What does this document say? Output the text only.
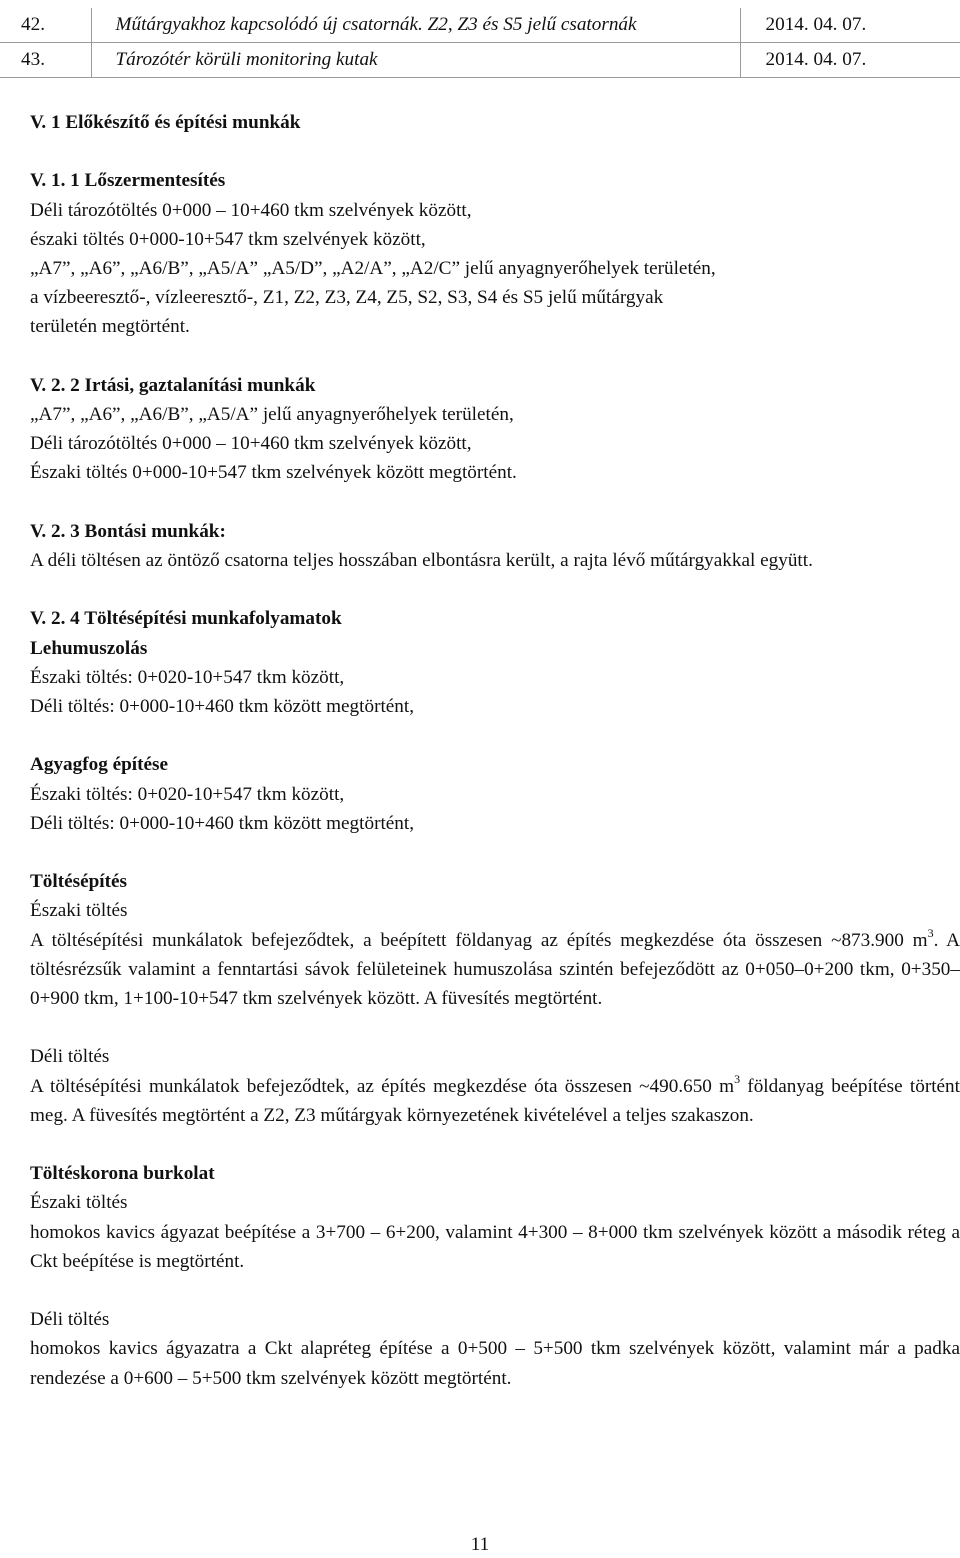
42.	Műtárgyakhoz kapcsolódó új csatornák. Z2, Z3 és S5 jelű csatornák	2014. 04. 07.
43.	Tározótér körüli monitoring kutak	2014. 04. 07.

V. 1 Előkészítő és építési munkák

V. 1. 1 Lőszermentesítés

Déli tározótöltés 0+000 – 10+460 tkm szelvények között,

északi töltés 0+000-10+547 tkm szelvények között,

„A7”, „A6”, „A6/B”, „A5/A” „A5/D”, „A2/A”, „A2/C” jelű anyagnyerőhelyek területén,

a vízbeeresztő-, vízleeresztő-, Z1, Z2, Z3, Z4, Z5, S2, S3, S4 és S5 jelű műtárgyak

területén megtörtént.

V. 2. 2 Irtási, gaztalanítási munkák

„A7”, „A6”, „A6/B”, „A5/A” jelű anyagnyerőhelyek területén,

Déli tározótöltés 0+000 – 10+460 tkm szelvények között,

Északi töltés 0+000-10+547 tkm szelvények között megtörtént.

V. 2. 3 Bontási munkák:

A déli töltésen az öntöző csatorna teljes hosszában elbontásra került, a rajta lévő műtárgyakkal együtt.

V. 2. 4 Töltésépítési munkafolyamatok

Lehumuszolás

Északi töltés: 0+020-10+547 tkm között,

Déli töltés: 0+000-10+460 tkm között megtörtént,

Agyagfog építése

Északi töltés: 0+020-10+547 tkm között,

Déli töltés: 0+000-10+460 tkm között megtörtént,

Töltésépítés

Északi töltés

A töltésépítési munkálatok befejeződtek, a beépített földanyag az építés megkezdése óta összesen ~873.900 $m^3$. A töltésrézsűk valamint a fenntartási sávok felületeinek humuszolása szintén befejeződött az 0+050–0+200 tkm, 0+350–0+900 tkm, 1+100-10+547 tkm szelvények között. A füvesítés megtörtént.

Déli töltés

A töltésépítési munkálatok befejeződtek, az építés megkezdése óta összesen ~490.650 $m^3$ földanyag beépítése történt meg. A füvesítés megtörtént a Z2, Z3 műtárgyak környezetének kivételével a teljes szakaszon.

Töltéskorona burkolat

Északi töltés

homokos kavics ágyazat beépítése a 3+700 – 6+200, valamint 4+300 – 8+000 tkm szelvények között a második réteg a Ckt beépítése is megtörtént.

Déli töltés

homokos kavics ágyazatra a Ckt alapréteg építése a 0+500 – 5+500 tkm szelvények között, valamint már a padka rendezése a 0+600 – 5+500 tkm szelvények között megtörtént.

11
